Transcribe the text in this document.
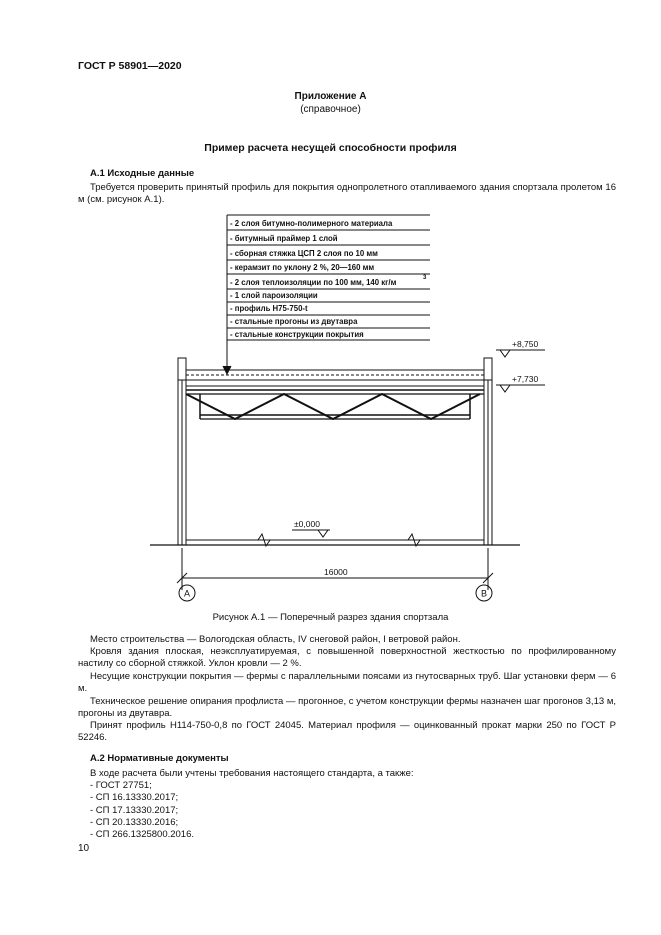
ГОСТ Р 58901—2020
Приложение А
(справочное)
Пример расчета несущей способности профиля
А.1 Исходные данные
Требуется проверить принятый профиль для покрытия однопролетного отапливаемого здания спортзала пролетом 16 м (см. рисунок А.1).
- 2 слоя битумно-полимерного материала
- битумный праймер 1 слой
- сборная стяжка ЦСП 2 слоя по 10 мм
- керамзит по уклону 2 %, 20—160 мм
- 2 слоя теплоизоляции по 100 мм, 140 кг/м	3
- 1 слой пароизоляции
- профиль Н75-750-t
- стальные прогоны из двутавра
- стальные конструкции покрытия
+8,750
+7,730
±0,000
16000
А	В
Рисунок А.1 — Поперечный разрез здания спортзала
Место строительства — Вологодская область, IV снеговой район, I ветровой район.
Кровля здания плоская, неэксплуатируемая, с повышенной поверхностной жесткостью по профилированному настилу со сборной стяжкой. Уклон кровли — 2 %.
Несущие конструкции покрытия — фермы с параллельными поясами из гнутосварных труб. Шаг установки ферм — 6 м.
Техническое решение опирания профлиста — прогонное, с учетом конструкции фермы назначен шаг прогонов 3,13 м, прогоны из двутавра.
Принят профиль Н114-750-0,8 по ГОСТ 24045. Материал профиля — оцинкованный прокат марки 250 по ГОСТ Р 52246.
А.2 Нормативные документы
В ходе расчета были учтены требования настоящего стандарта, а также:
- ГОСТ 27751;
- СП 16.13330.2017;
- СП 17.13330.2017;
- СП 20.13330.2016;
- СП 266.1325800.2016.
10
